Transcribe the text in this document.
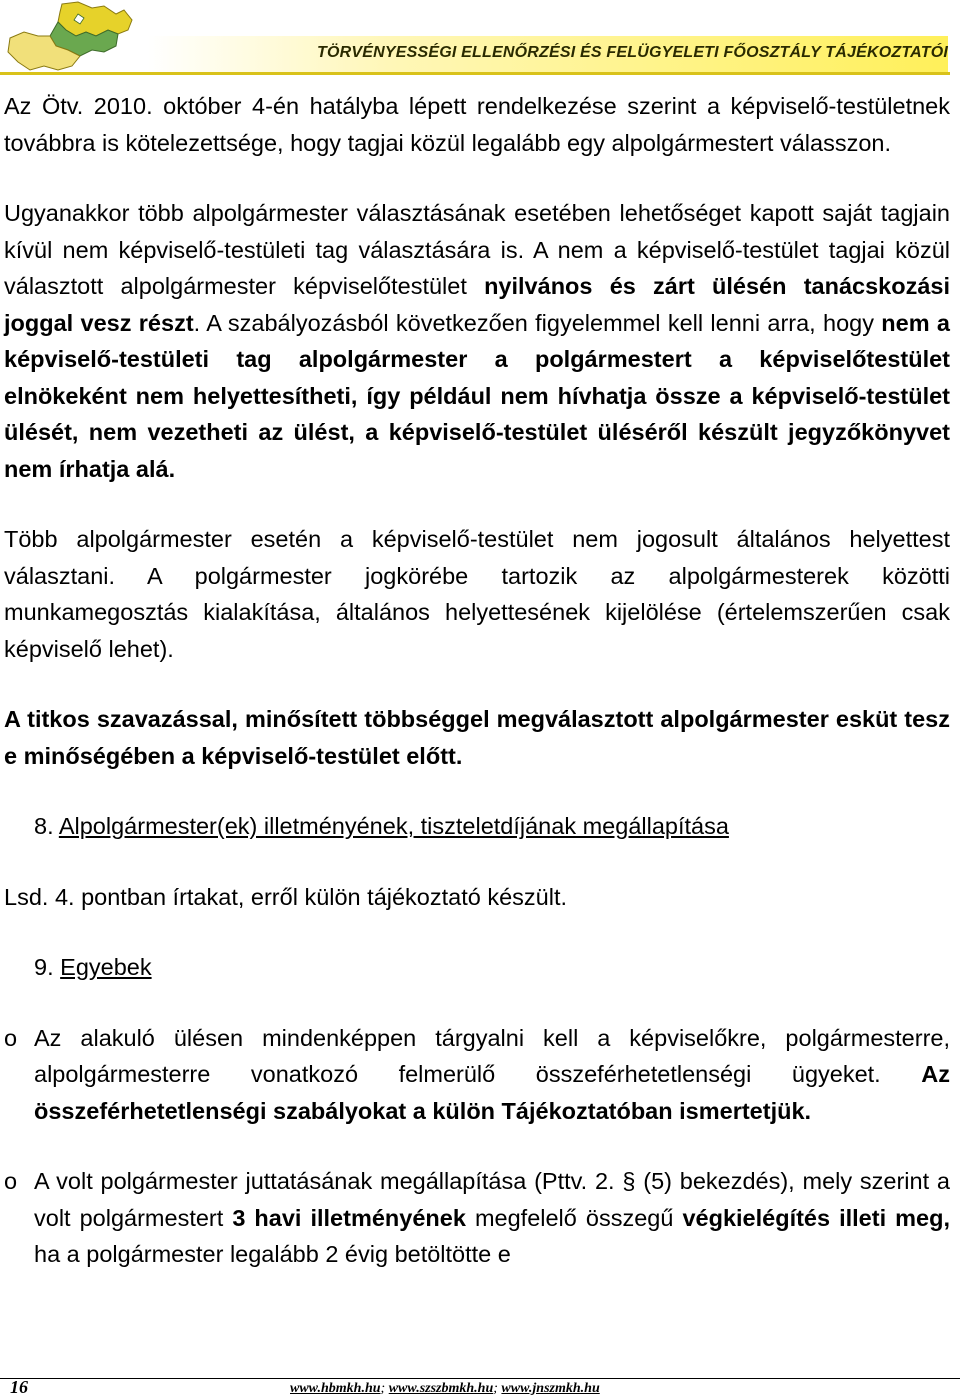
TÖRVÉNYESSÉGI ELLENŐRZÉSI ÉS FELÜGYELETI FŐOSZTÁLY TÁJÉKOZTATÓI

Az Ötv. 2010. október 4-én hatályba lépett rendelkezése szerint a képviselő-testületnek továbbra is kötelezettsége, hogy tagjai közül legalább egy alpolgármestert válasszon.

Ugyanakkor több alpolgármester választásának esetében lehetőséget kapott saját tagjain kívül nem képviselő-testületi tag választására is. A nem a képviselő-testület tagjai közül választott alpolgármester képviselőtestület nyilvános és zárt ülésén tanácskozási joggal vesz részt. A szabályozásból következően figyelemmel kell lenni arra, hogy nem a képviselő-testületi tag alpolgármester a polgármestert a képviselőtestület elnökeként nem helyettesítheti, így például nem hívhatja össze a képviselő-testület ülését, nem vezetheti az ülést, a képviselő-testület üléséről készült jegyzőkönyvet nem írhatja alá.

Több alpolgármester esetén a képviselő-testület nem jogosult általános helyettest választani. A polgármester jogkörébe tartozik az alpolgármesterek közötti munkamegosztás kialakítása, általános helyettesének kijelölése (értelemszerűen csak képviselő lehet).

A titkos szavazással, minősített többséggel megválasztott alpolgármester esküt tesz e minőségében a képviselő-testület előtt.

8. Alpolgármester(ek) illetményének, tiszteletdíjának megállapítása

Lsd. 4. pontban írtakat, erről külön tájékoztató készült.

9. Egyebek
o Az alakuló ülésen mindenképpen tárgyalni kell a képviselőkre, polgármesterre, alpolgármesterre vonatkozó felmerülő összeférhetetlenségi ügyeket. Az összeférhetetlenségi szabályokat a külön Tájékoztatóban ismertetjük.
o A volt polgármester juttatásának megállapítása (Pttv. 2. § (5) bekezdés), mely szerint a volt polgármestert 3 havi illetményének megfelelő összegű végkielégítés illeti meg, ha a polgármester legalább 2 évig betöltötte e
16	www.hbmkh.hu; www.szszbmkh.hu; www.jnszmkh.hu
